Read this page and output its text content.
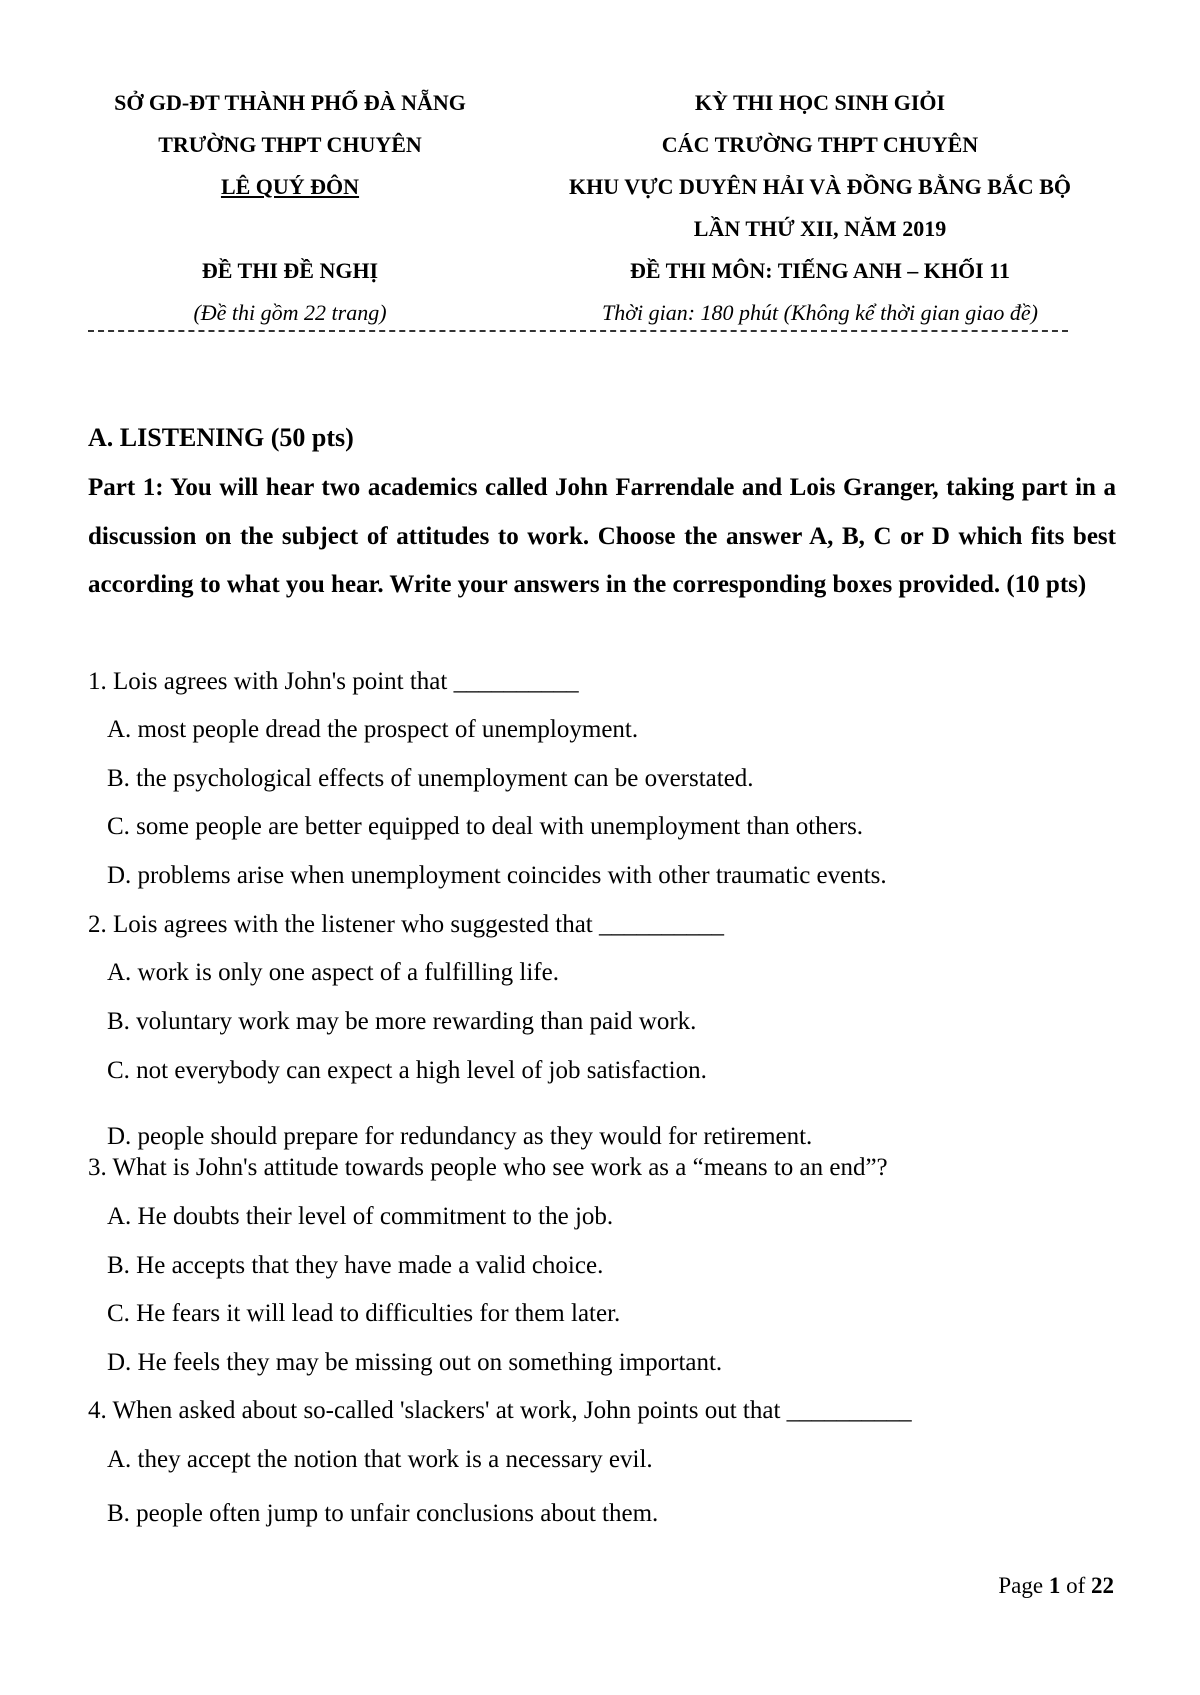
SỞ GD-ĐT THÀNH PHỐ ĐÀ NẴNG
TRƯỜNG THPT CHUYÊN
LÊ QUÝ ĐÔN
ĐỀ THI ĐỀ NGHỊ
(Đề thi gồm 22 trang)
KỲ THI HỌC SINH GIỎI
CÁC TRƯỜNG THPT CHUYÊN
KHU VỰC DUYÊN HẢI VÀ ĐỒNG BẰNG BẮC BỘ
LẦN THỨ XII, NĂM 2019
ĐỀ THI MÔN: TIẾNG ANH – KHỐI 11
Thời gian: 180 phút (Không kể thời gian giao đề)
A. LISTENING (50 pts)
Part 1: You will hear two academics called John Farrendale and Lois Granger, taking part in a discussion on the subject of attitudes to work. Choose the answer A, B, C or D which fits best according to what you hear. Write your answers in the corresponding boxes provided. (10 pts)
1. Lois agrees with John's point that __________
A. most people dread the prospect of unemployment.
B. the psychological effects of unemployment can be overstated.
C. some people are better equipped to deal with unemployment than others.
D. problems arise when unemployment coincides with other traumatic events.
2. Lois agrees with the listener who suggested that __________
A. work is only one aspect of a fulfilling life.
B. voluntary work may be more rewarding than paid work.
C. not everybody can expect a high level of job satisfaction.
D. people should prepare for redundancy as they would for retirement.
3. What is John's attitude towards people who see work as a “means to an end”?
A. He doubts their level of commitment to the job.
B. He accepts that they have made a valid choice.
C. He fears it will lead to difficulties for them later.
D. He feels they may be missing out on something important.
4. When asked about so-called 'slackers' at work, John points out that __________
A. they accept the notion that work is a necessary evil.
B. people often jump to unfair conclusions about them.
Page 1 of 22
